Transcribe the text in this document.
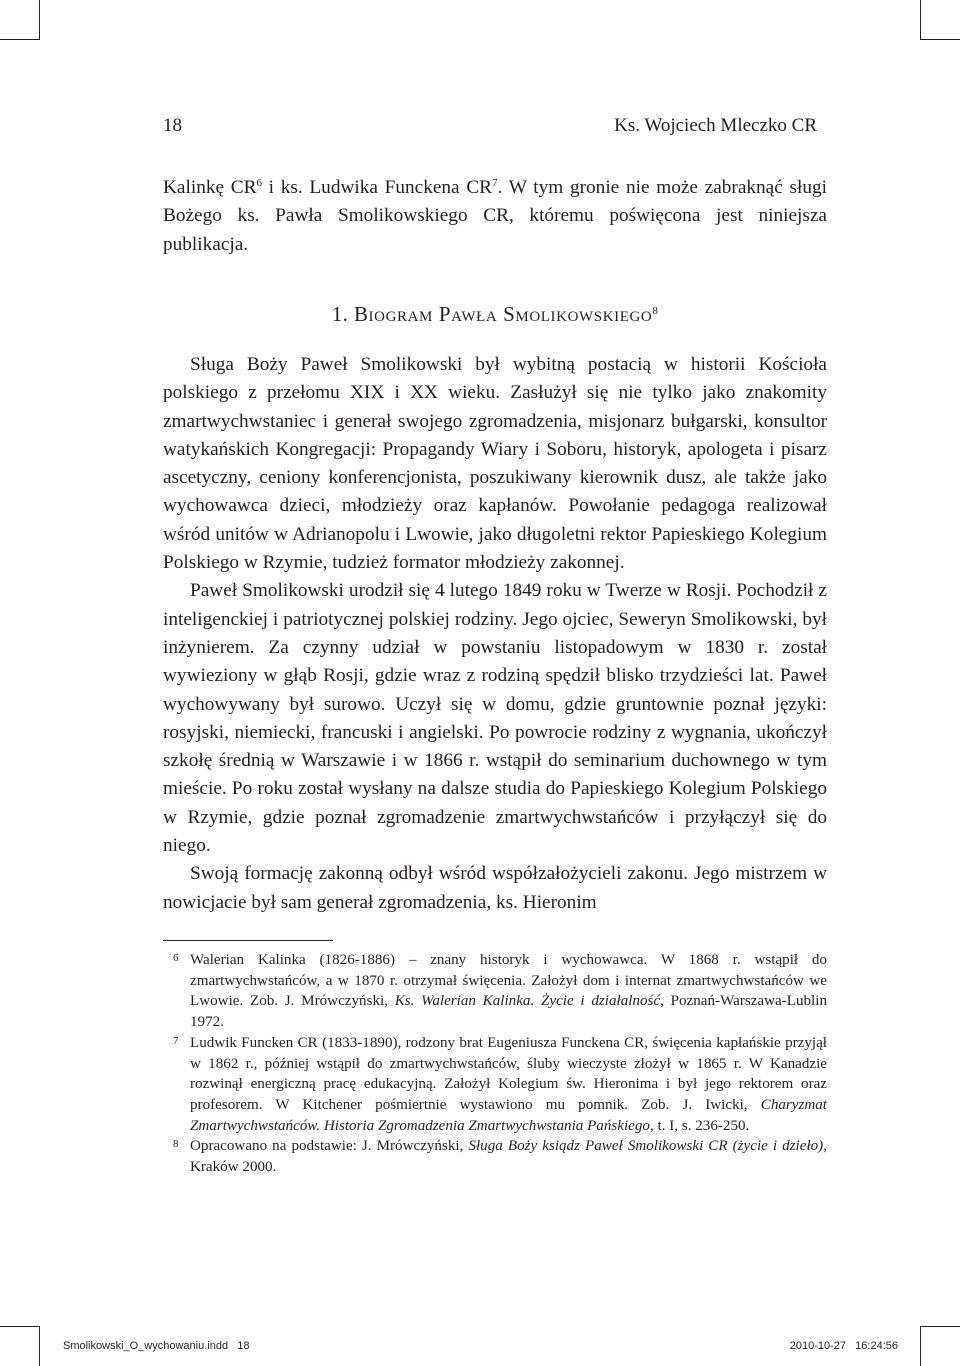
18	Ks. Wojciech Mleczko CR

Kalinkę $CR^6$ i ks. Ludwika Funckena $CR^7$. W tym gronie nie może zabraknąć sługi Bożego ks. Pawła Smolikowskiego CR, któremu poświęcona jest niniejsza publikacja.

1. Biogram Pawła Smolikowskiego$^8$

Sługa Boży Paweł Smolikowski był wybitną postacią w historii Kościoła polskiego z przełomu XIX i XX wieku. Zasłużył się nie tylko jako znakomity zmartwychwstaniec i generał swojego zgromadzenia, misjonarz bułgarski, konsultor watykańskich Kongregacji: Propagandy Wiary i Soboru, historyk, apologeta i pisarz ascetyczny, ceniony konferencjonista, poszukiwany kierownik dusz, ale także jako wychowawca dzieci, młodzieży oraz kapłanów. Powołanie pedagoga realizował wśród unitów w Adrianopolu i Lwowie, jako długoletni rektor Papieskiego Kolegium Polskiego w Rzymie, tudzież formator młodzieży zakonnej.

Paweł Smolikowski urodził się 4 lutego 1849 roku w Twerze w Rosji. Pochodził z inteligenckiej i patriotycznej polskiej rodziny. Jego ojciec, Seweryn Smolikowski, był inżynierem. Za czynny udział w powstaniu listopadowym w 1830 r. został wywieziony w głąb Rosji, gdzie wraz z rodziną spędził blisko trzydzieści lat. Paweł wychowywany był surowo. Uczył się w domu, gdzie gruntownie poznał języki: rosyjski, niemiecki, francuski i angielski. Po powrocie rodziny z wygnania, ukończył szkołę średnią w Warszawie i w 1866 r. wstąpił do seminarium duchownego w tym mieście. Po roku został wysłany na dalsze studia do Papieskiego Kolegium Polskiego w Rzymie, gdzie poznał zgromadzenie zmartwychwstańców i przyłączył się do niego.

Swoją formację zakonną odbył wśród współzałożycieli zakonu. Jego mistrzem w nowicjacie był sam generał zgromadzenia, ks. Hieronim

6 Walerian Kalinka (1826-1886) – znany historyk i wychowawca. W 1868 r. wstąpił do zmartwychwstańców, a w 1870 r. otrzymał święcenia. Założył dom i internat zmartwychwstańców we Lwowie. Zob. J. Mrówczyński, Ks. Walerian Kalinka. Życie i działalność, Poznań-Warszawa-Lublin 1972.

7 Ludwik Funcken CR (1833-1890), rodzony brat Eugeniusza Funckena CR, święcenia kapłańskie przyjął w 1862 r., później wstąpił do zmartwychwstańców, śluby wieczyste złożył w 1865 r. W Kanadzie rozwinął energiczną pracę edukacyjną. Założył Kolegium św. Hieronima i był jego rektorem oraz profesorem. W Kitchener pośmiertnie wystawiono mu pomnik. Zob. J. Iwicki, Charyzmat Zmartwychwstańców. Historia Zgromadzenia Zmartwychwstania Pańskiego, t. I, s. 236-250.

8 Opracowano na podstawie: J. Mrówczyński, Sługa Boży ksiądz Paweł Smolikowski CR (życie i dzieło), Kraków 2000.

Smolikowski_O_wychowaniu.indd   18	2010-10-27   16:24:56
